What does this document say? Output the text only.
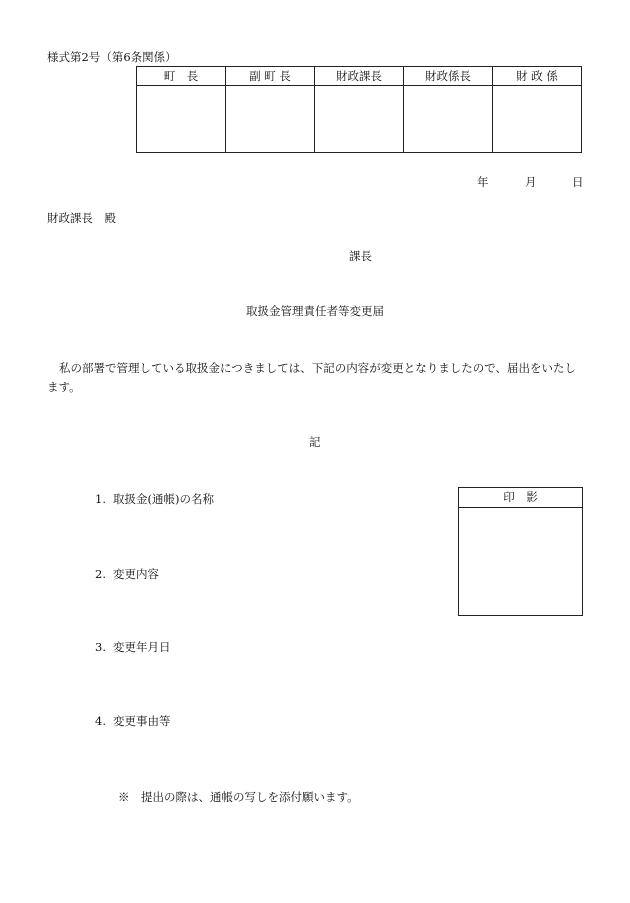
様式第2号（第6条関係）
町　長	副 町 長	財政課長	財政係長	財 政 係

年	月	日
財政課長　殿
課長
取扱金管理責任者等変更届
私の部署で管理している取扱金につきましては、下記の内容が変更となりましたので、届出をいたします。
記
1. 取扱金(通帳)の名称
2. 変更内容
3. 変更年月日
4. 変更事由等
印　影
※　提出の際は、通帳の写しを添付願います。
